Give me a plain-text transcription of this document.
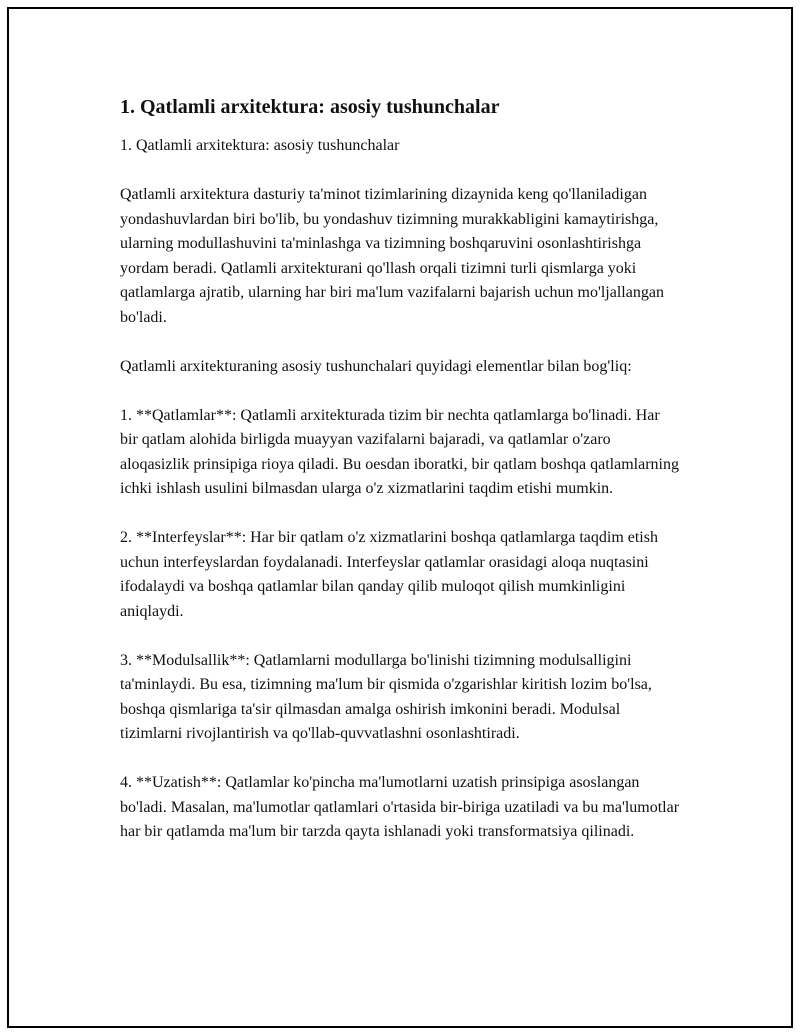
1. Qatlamli arxitektura: asosiy tushunchalar

1. Qatlamli arxitektura: asosiy tushunchalar

Qatlamli arxitektura dasturiy ta'minot tizimlarining dizaynida keng qo'llaniladigan yondashuvlardan biri bo'lib, bu yondashuv tizimning murakkabligini kamaytirishga, ularning modullashuvini ta'minlashga va tizimning boshqaruvini osonlashtirishga yordam beradi. Qatlamli arxitekturani qo'llash orqali tizimni turli qismlarga yoki qatlamlarga ajratib, ularning har biri ma'lum vazifalarni bajarish uchun mo'ljallangan bo'ladi.

Qatlamli arxitekturaning asosiy tushunchalari quyidagi elementlar bilan bog'liq:

1. **Qatlamlar**: Qatlamli arxitekturada tizim bir nechta qatlamlarga bo'linadi. Har bir qatlam alohida birligda muayyan vazifalarni bajaradi, va qatlamlar o'zaro aloqasizlik prinsipiga rioya qiladi. Bu oesdan iboratki, bir qatlam boshqa qatlamlarning ichki ishlash usulini bilmasdan ularga o'z xizmatlarini taqdim etishi mumkin.

2. **Interfeyslar**: Har bir qatlam o'z xizmatlarini boshqa qatlamlarga taqdim etish uchun interfeyslardan foydalanadi. Interfeyslar qatlamlar orasidagi aloqa nuqtasini ifodalaydi va boshqa qatlamlar bilan qanday qilib muloqot qilish mumkinligini aniqlaydi.

3. **Modulsallik**: Qatlamlarni modullarga bo'linishi tizimning modulsalligini ta'minlaydi. Bu esa, tizimning ma'lum bir qismida o'zgarishlar kiritish lozim bo'lsa, boshqa qismlariga ta'sir qilmasdan amalga oshirish imkonini beradi. Modulsal tizimlarni rivojlantirish va qo'llab-quvvatlashni osonlashtiradi.

4. **Uzatish**: Qatlamlar ko'pincha ma'lumotlarni uzatish prinsipiga asoslangan bo'ladi. Masalan, ma'lumotlar qatlamlari o'rtasida bir-biriga uzatiladi va bu ma'lumotlar har bir qatlamda ma'lum bir tarzda qayta ishlanadi yoki transformatsiya qilinadi.
